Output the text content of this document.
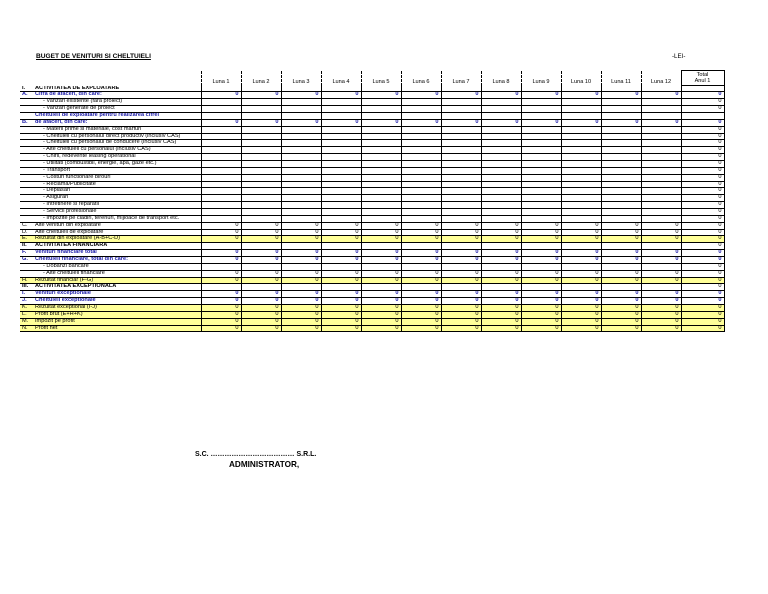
BUGET DE VENITURI SI CHELTUIELI	-LEI-
		Luna 1	Luna 2	Luna 3	Luna 4	Luna 5	Luna 6	Luna 7	Luna 8	Luna 9	Luna 10	Luna 11	Luna 12	Total
Anul 1

I.	ACTIVITATEA DE EXPLOATARE													
A.	Cifra de afaceri, din care:	0	0	0	0	0	0	0	0	0	0	0	0	0
	- Vanzari existente (fara proiect)													0
	- Vanzari generate de proiect													0
	Cheltuieli de exploatare pentru realizarea cifrei													
B.	de afaceri, din care:	0	0	0	0	0	0	0	0	0	0	0	0	0
	- Materii prime si materiale, cost marfuri													0
	- Cheltuieli cu personalul direct productiv (inclusiv CAS)													0
	- Cheltuieli cu personalul de conducere (inclusiv CAS)													0
	- Alte cheltuieli cu personalul (inclusiv CAS)													0
	- Chirii, redevente leasing operational													0
	- Utilitati (combustibil, energie, apa, gaze etc.)													0
	- Transport													0
	- Costuri functionare birouri													0
	- Reclama/Publicitate													0
	- Deplasari													0
	- Asigurari													0
	- Intretinere si reparatii													0
	- Servicii profesionale													0
	- Impozite pe cladiri, terenuri, mijloace de transport etc.													0
C.	Alte venituri din exploatare	0	0	0	0	0	0	0	0	0	0	0	0	0
D.	Alte cheltuieli de exploatare	0	0	0	0	0	0	0	0	0	0	0	0	0
E.	Rezultat din exploatare (A-B+C-D)	0	0	0	0	0	0	0	0	0	0	0	0	0
II.	ACTIVITATEA FINANCIARA													0
F.	Venituri financiare total	0	0	0	0	0	0	0	0	0	0	0	0	0
G.	Cheltuieli financiare, total din care:	0	0	0	0	0	0	0	0	0	0	0	0	0
	- Dobanzi bancare													0
	- Alte cheltuieli financiare	0	0	0	0	0	0	0	0	0	0	0	0	0
H.	Rezultat financiar (F-G)	0	0	0	0	0	0	0	0	0	0	0	0	0
III.	ACTIVITATEA EXCEPTIONALA													0
I.	Venituri exceptionale	0	0	0	0	0	0	0	0	0	0	0	0	0
J.	Cheltuieli exceptionale	0	0	0	0	0	0	0	0	0	0	0	0	0
K.	Rezultat exceptional (I-J)	0	0	0	0	0	0	0	0	0	0	0	0	0
L.	Profit brut (E+H+K)	0	0	0	0	0	0	0	0	0	0	0	0	0
M.	Impozit pe profit	0	0	0	0	0	0	0	0	0	0	0	0	0
N.	Profit net	0	0	0	0	0	0	0	0	0	0	0	0	0
S.C. ……………………………… S.R.L.
ADMINISTRATOR,
